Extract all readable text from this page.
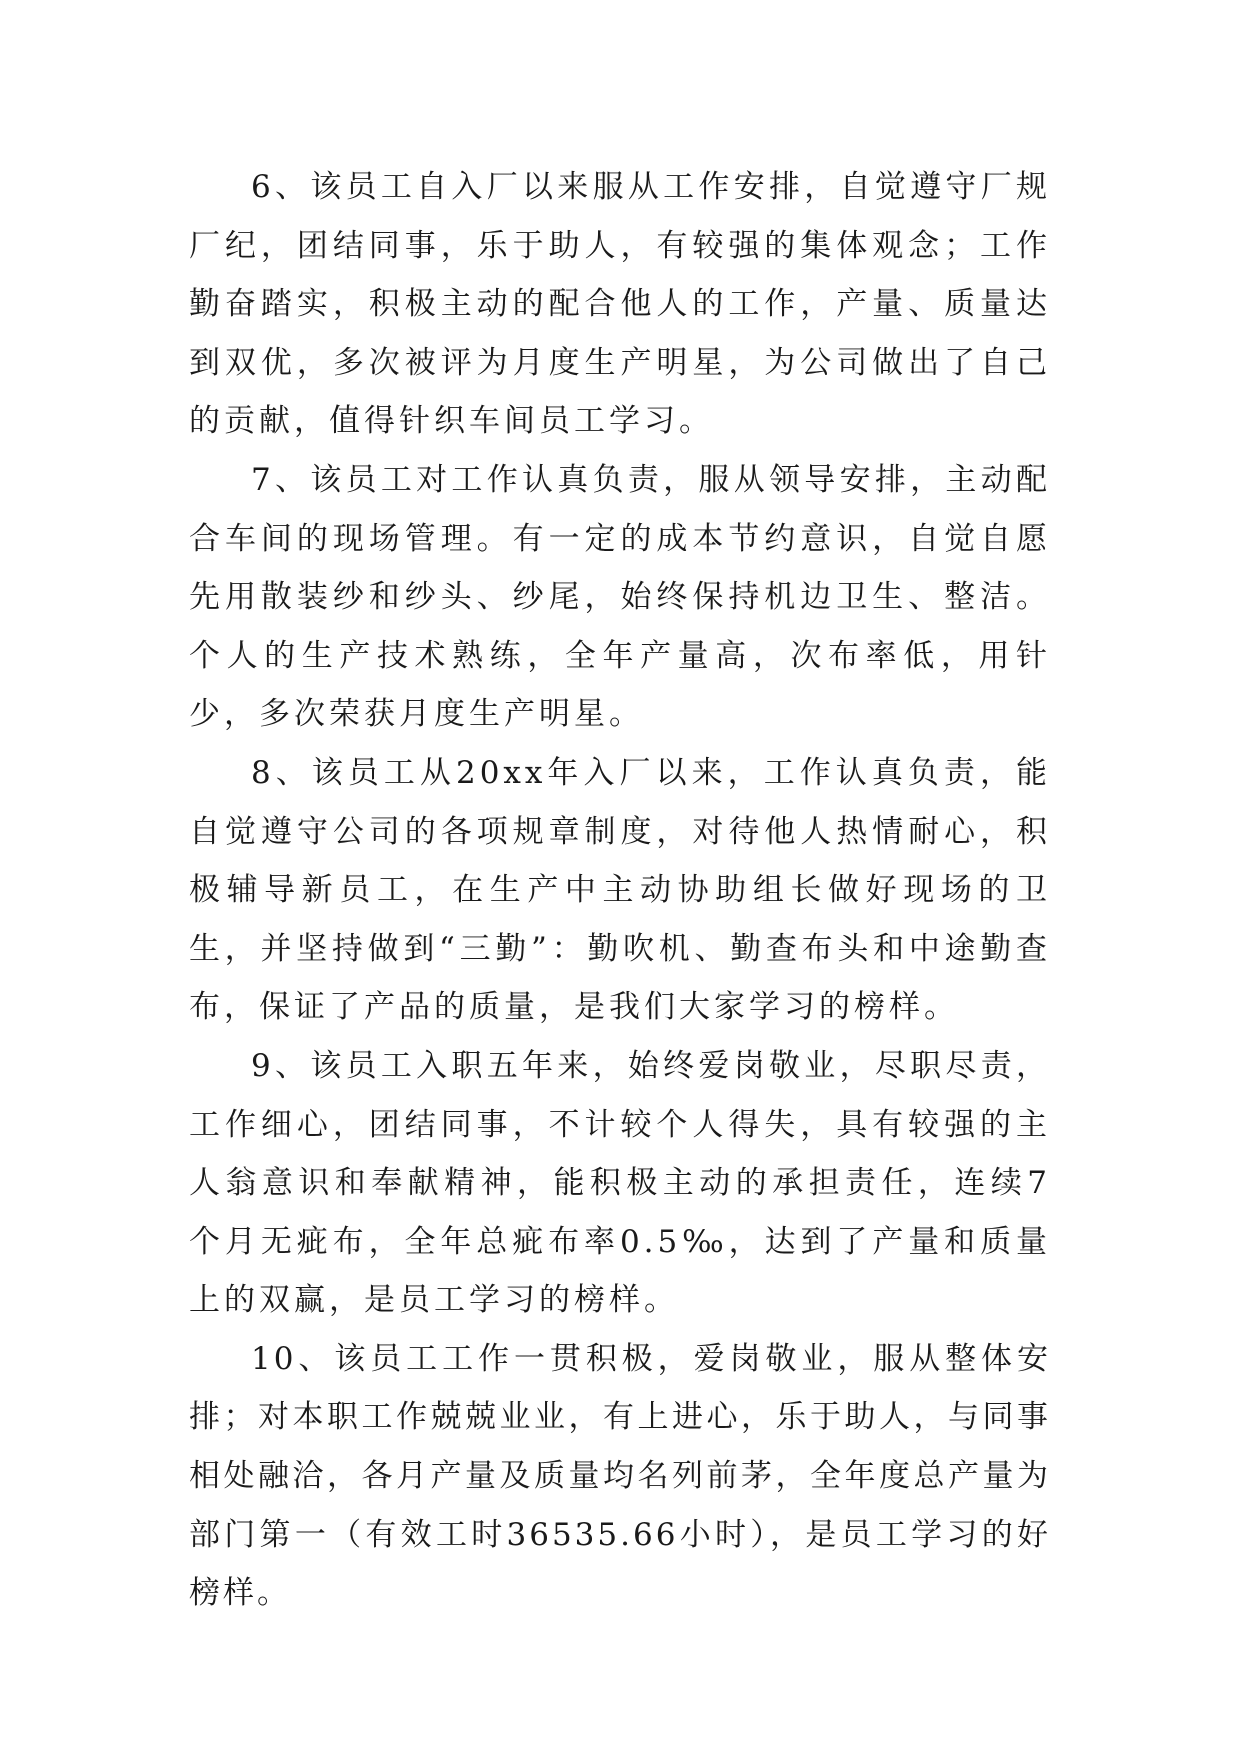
6、该员工自入厂以来服从工作安排，自觉遵守厂规厂纪，团结同事，乐于助人，有较强的集体观念；工作勤奋踏实，积极主动的配合他人的工作，产量、质量达到双优，多次被评为月度生产明星，为公司做出了自己的贡献，值得针织车间员工学习。

7、该员工对工作认真负责，服从领导安排，主动配合车间的现场管理。有一定的成本节约意识，自觉自愿先用散装纱和纱头、纱尾，始终保持机边卫生、整洁。个人的生产技术熟练，全年产量高，次布率低，用针少，多次荣获月度生产明星。

8、该员工从20xx年入厂以来，工作认真负责，能自觉遵守公司的各项规章制度，对待他人热情耐心，积极辅导新员工，在生产中主动协助组长做好现场的卫生，并坚持做到“三勤”：勤吹机、勤查布头和中途勤查布，保证了产品的质量，是我们大家学习的榜样。

9、该员工入职五年来，始终爱岗敬业，尽职尽责，工作细心，团结同事，不计较个人得失，具有较强的主人翁意识和奉献精神，能积极主动的承担责任，连续7个月无疵布，全年总疵布率0.5‰，达到了产量和质量上的双赢，是员工学习的榜样。

10、该员工工作一贯积极，爱岗敬业，服从整体安排；对本职工作兢兢业业，有上进心，乐于助人，与同事相处融洽，各月产量及质量均名列前茅，全年度总产量为部门第一（有效工时36535.66小时），是员工学习的好榜样。
